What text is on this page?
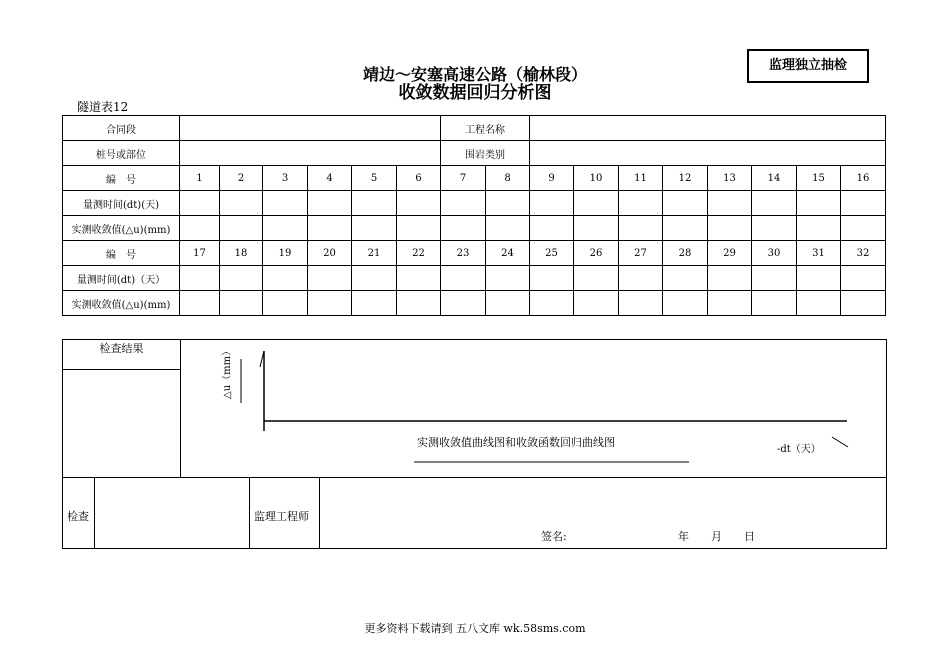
靖边～安塞高速公路（榆林段）
收敛数据回归分析图
监理独立抽检
隧道表12
合同段							工程名称									
桩号或部位							围岩类别									
编　号	1	2	3	4	5	6	7	8	9	10	11	12	13	14	15	16
量测时间(dt)(天)																
实测收敛值(△u)(mm)																
编　号	17	18	19	20	21	22	23	24	25	26	27	28	29	30	31	32
量测时间(dt)（天）																
实测收敛值(△u)(mm)																
检查结果	△u（mm）
实测收敛值曲线图和收敛函数回归曲线图
-dt（天）
检查	监理工程师
签名:	年　　月　　日
更多资料下载请到 五八文库 wk.58sms.com
